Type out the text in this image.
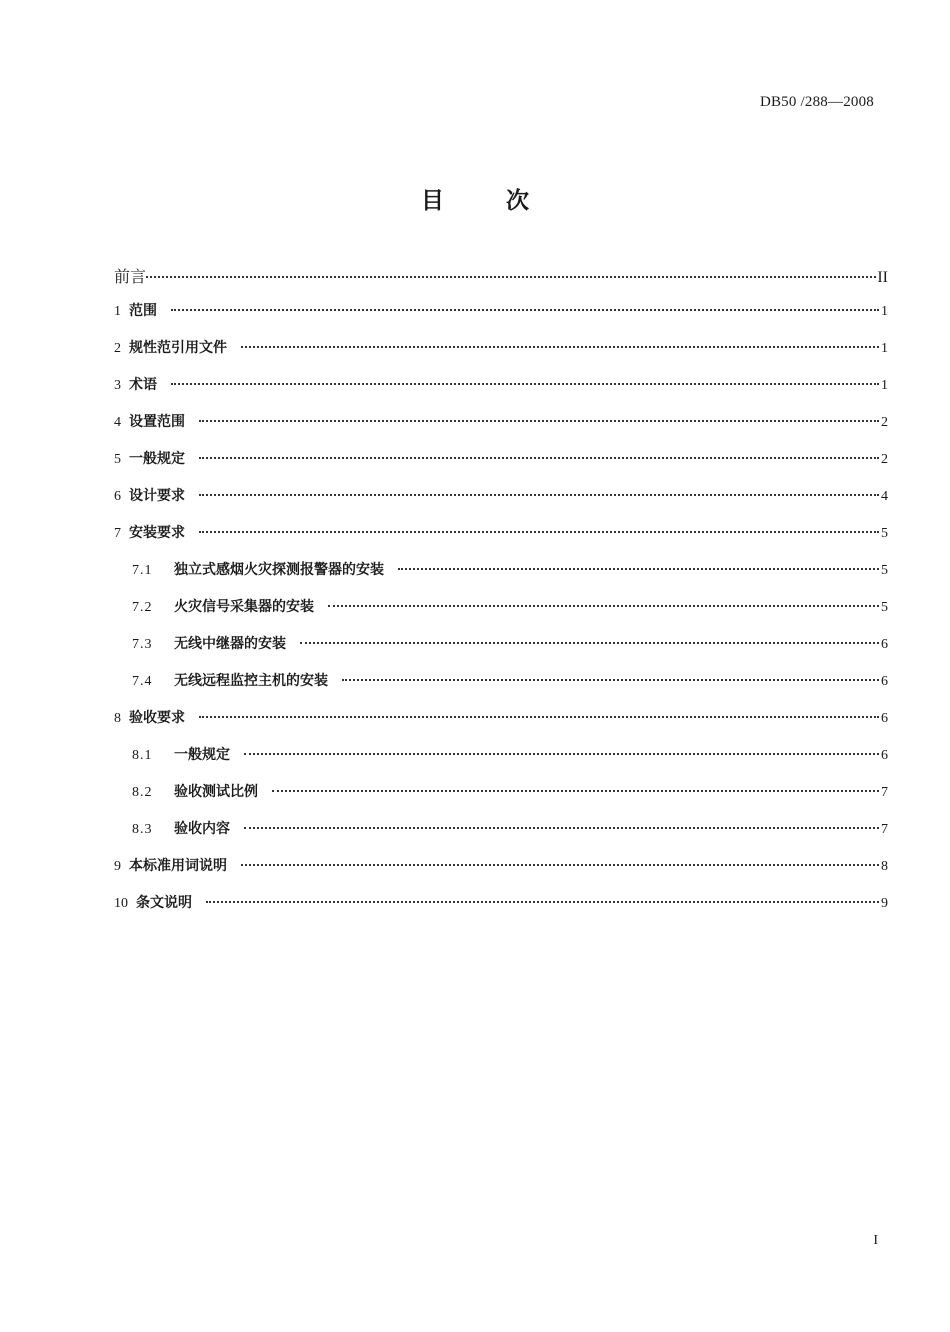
DB50 /288—2008
目次
前言	II
1 范围	1
2 规性范引用文件	1
3 术语	1
4 设置范围	2
5 一般规定	2
6 设计要求	4
7 安装要求	5
7.1	独立式感烟火灾探测报警器的安装	5
7.2	火灾信号采集器的安装	5
7.3	无线中继器的安装	6
7.4	无线远程监控主机的安装	6
8 验收要求	6
8.1	一般规定	6
8.2	验收测试比例	7
8.3	验收内容	7
9 本标准用词说明	8
10 条文说明	9
I
